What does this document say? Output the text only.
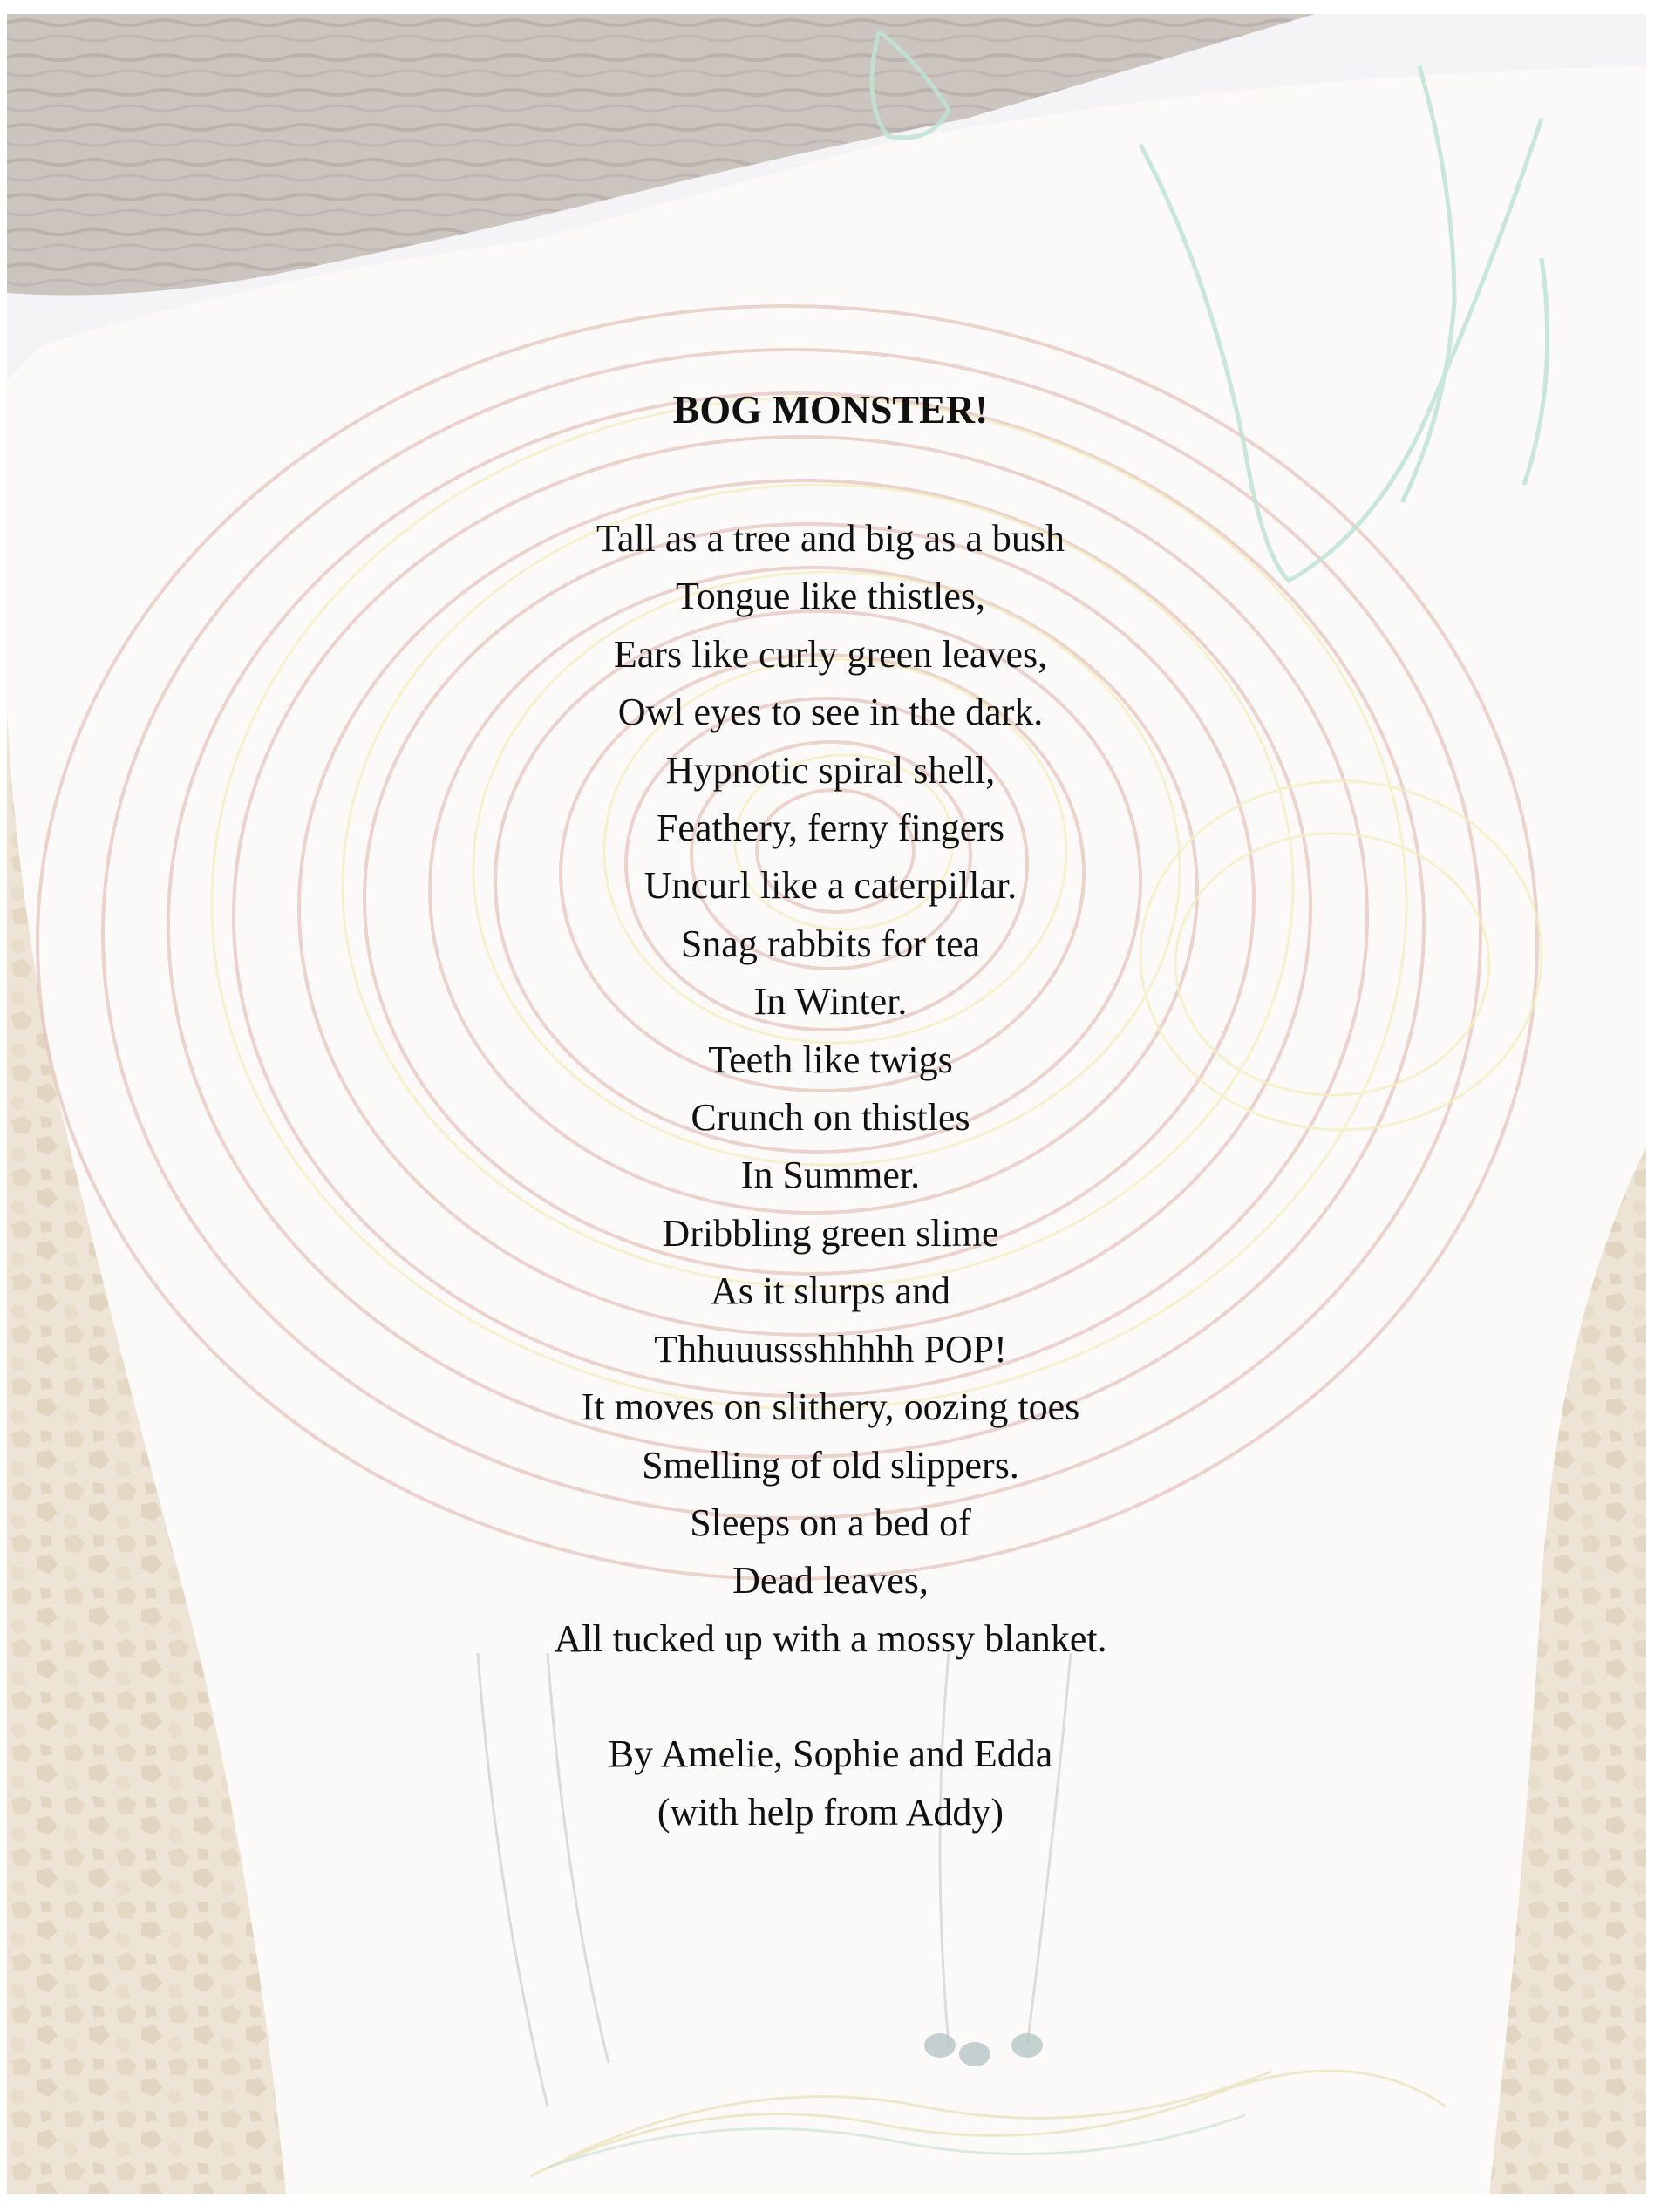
BOG MONSTER!
Tall as a tree and big as a bush
Tongue like thistles,
Ears like curly green leaves,
Owl eyes to see in the dark.
Hypnotic spiral shell,
Feathery, ferny fingers
Uncurl like a caterpillar.
Snag rabbits for tea
In Winter.
Teeth like twigs
Crunch on thistles
In Summer.
Dribbling green slime
As it slurps and
Thhuuussshhhhh POP!
It moves on slithery, oozing toes
Smelling of old slippers.
Sleeps on a bed of
Dead leaves,
All tucked up with a mossy blanket.
By Amelie, Sophie and Edda
(with help from Addy)
